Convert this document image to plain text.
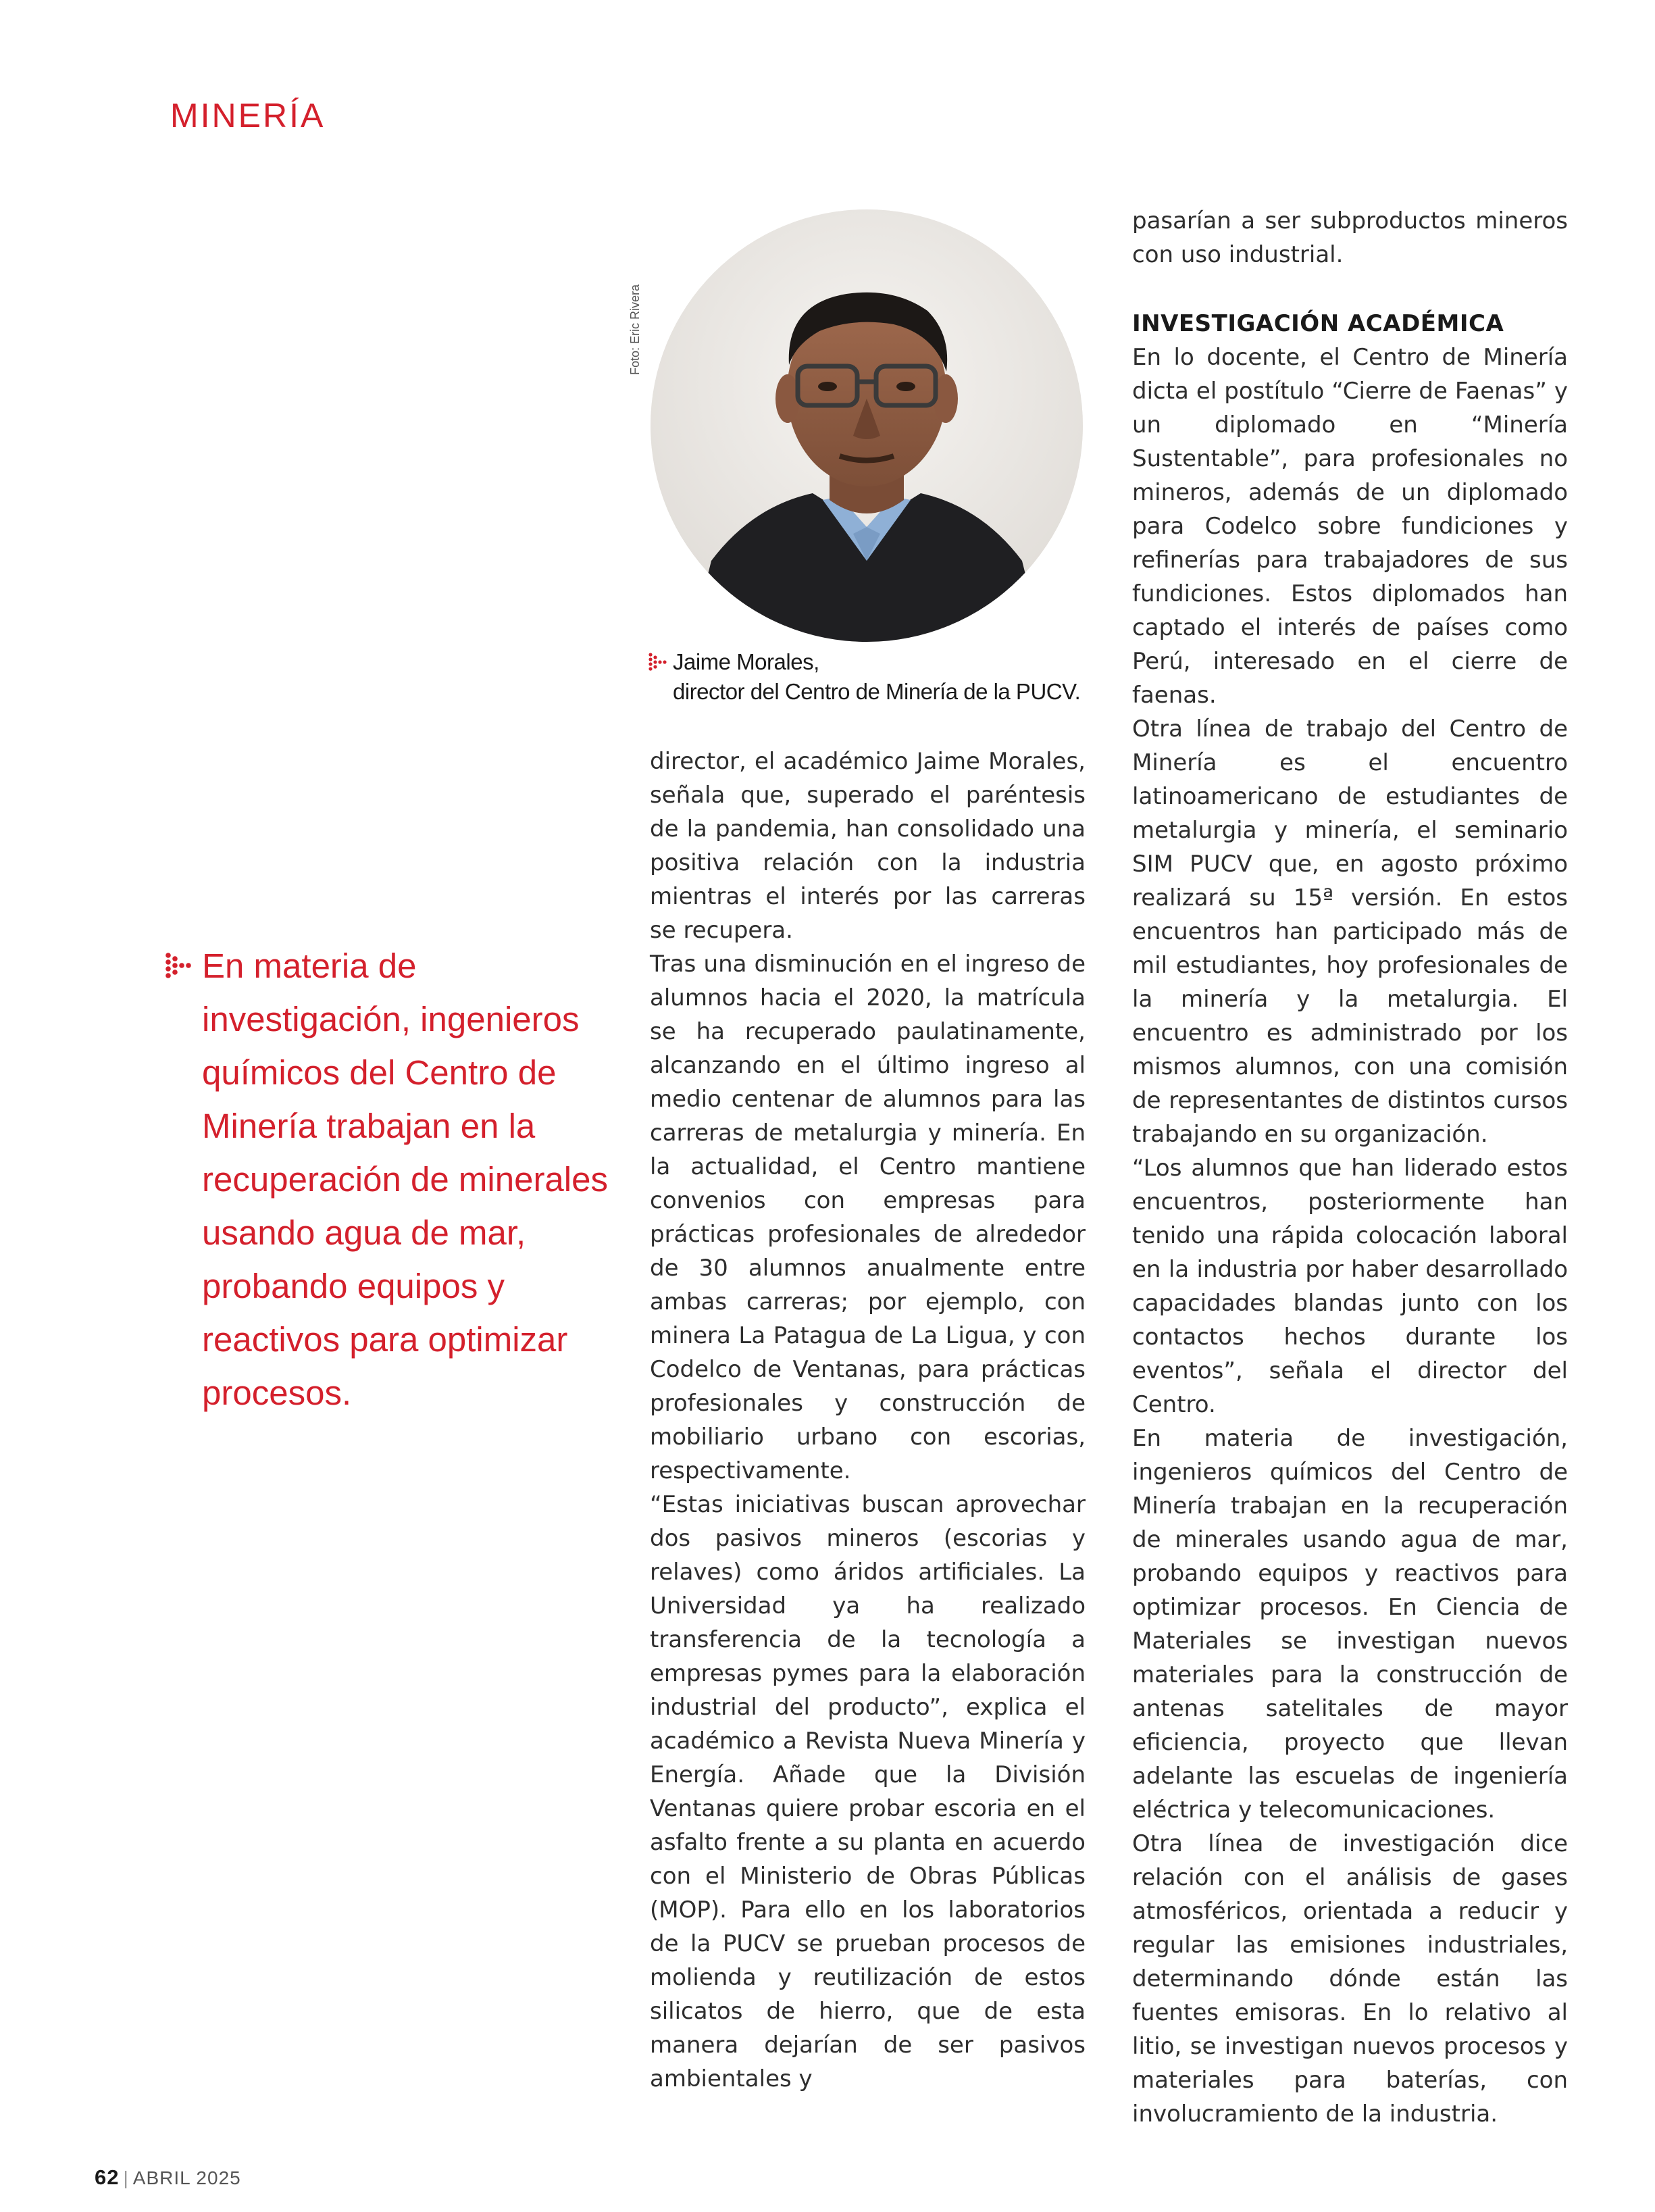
MINERÍA
Foto: Eric Rivera
Jaime Morales,
director del Centro de Minería de la PUCV.
En materia de investigación, ingenieros químicos del Centro de Minería trabajan en la recuperación de minerales usando agua de mar, probando equipos y reactivos para optimizar procesos.

director, el académico Jaime Morales, señala que, superado el paréntesis de la pandemia, han consolidado una positiva relación con la industria mientras el interés por las carreras se recupera.

Tras una disminución en el ingreso de alumnos hacia el 2020, la matrícula se ha recuperado paulatinamente, alcanzando en el último ingreso al medio centenar de alumnos para las carreras de metalurgia y minería. En la actualidad, el Centro mantiene convenios con empresas para prácticas profesionales de alrededor de 30 alumnos anualmente entre ambas carreras; por ejemplo, con minera La Patagua de La Ligua, y con Codelco de Ventanas, para prácticas profesionales y construcción de mobiliario urbano con escorias, respectivamente.

“Estas iniciativas buscan aprovechar dos pasivos mineros (escorias y relaves) como áridos artificiales. La Universidad ya ha realizado transferencia de la tecnología a empresas pymes para la elaboración industrial del producto”, explica el académico a Revista Nueva Minería y Energía. Añade que la División Ventanas quiere probar escoria en el asfalto frente a su planta en acuerdo con el Ministerio de Obras Públicas (MOP). Para ello en los laboratorios de la PUCV se prueban procesos de molienda y reutilización de estos silicatos de hierro, que de esta manera dejarían de ser pasivos ambientales y

pasarían a ser subproductos mineros con uso industrial.

INVESTIGACIÓN ACADÉMICA

En lo docente, el Centro de Minería dicta el postítulo “Cierre de Faenas” y un diplomado en “Minería Sustentable”, para profesionales no mineros, además de un diplomado para Codelco sobre fundiciones y refinerías para trabajadores de sus fundiciones. Estos diplomados han captado el interés de países como Perú, interesado en el cierre de faenas.

Otra línea de trabajo del Centro de Minería es el encuentro latinoamericano de estudiantes de metalurgia y minería, el seminario SIM PUCV que, en agosto próximo realizará su 15ª versión. En estos encuentros han participado más de mil estudiantes, hoy profesionales de la minería y la metalurgia. El encuentro es administrado por los mismos alumnos, con una comisión de representantes de distintos cursos trabajando en su organización.

“Los alumnos que han liderado estos encuentros, posteriormente han tenido una rápida colocación laboral en la industria por haber desarrollado capacidades blandas junto con los contactos hechos durante los eventos”, señala el director del Centro.

En materia de investigación, ingenieros químicos del Centro de Minería trabajan en la recuperación de minerales usando agua de mar, probando equipos y reactivos para optimizar procesos. En Ciencia de Materiales se investigan nuevos materiales para la construcción de antenas satelitales de mayor eficiencia, proyecto que llevan adelante las escuelas de ingeniería eléctrica y telecomunicaciones.

Otra línea de investigación dice relación con el análisis de gases atmosféricos, orientada a reducir y regular las emisiones industriales, determinando dónde están las fuentes emisoras. En lo relativo al litio, se investigan nuevos procesos y materiales para baterías, con involucramiento de la industria.

62 | ABRIL 2025
